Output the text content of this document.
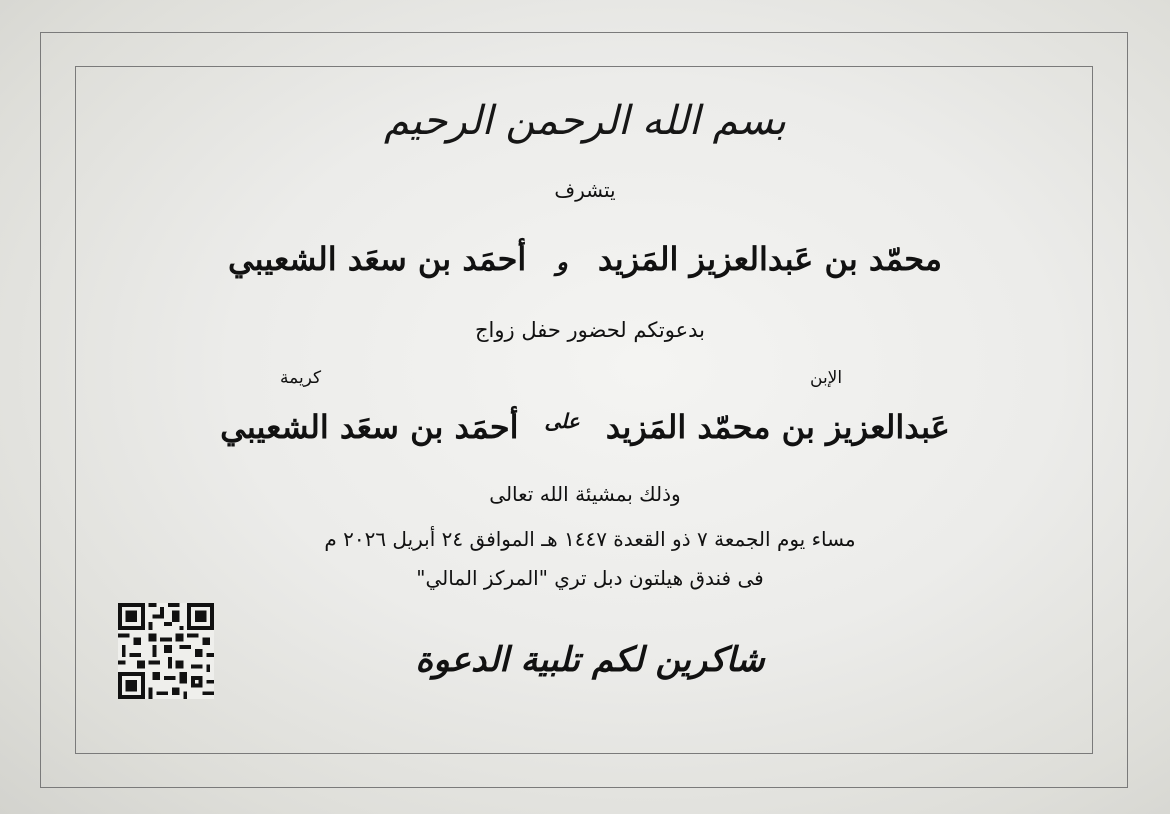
بسم الله الرحمن الرحيم
يتشرف
محمّد بن عَبدالعزيز المَزيد
و
أحمَد بن سعَد الشعيبي
بدعوتكم لحضور حفل زواج
الإبن
كريمة
عَبدالعزيز بن محمّد المَزيد
على
أحمَد بن سعَد الشعيبي
وذلك بمشيئة الله تعالى
مساء يوم الجمعة ٧ ذو القعدة ١٤٤٧ هـ الموافق ٢٤ أبريل ٢٠٢٦ م
فى فندق هيلتون دبل تري "المركز المالي"
شاكرين لكم تلبية الدعوة
